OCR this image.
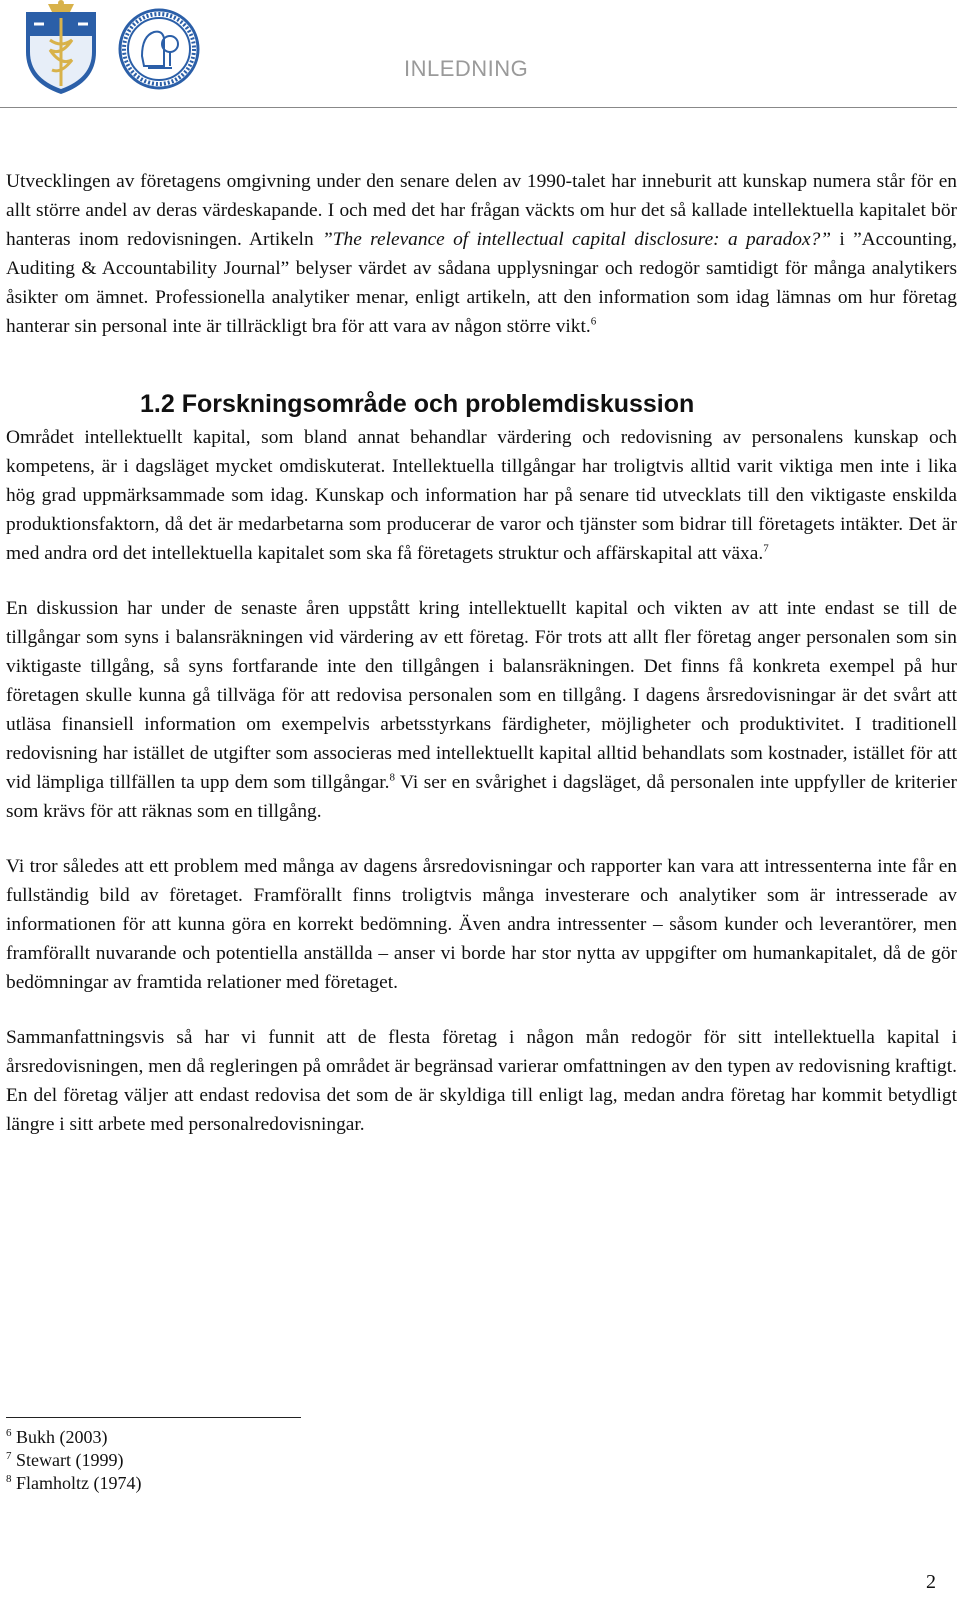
INLEDNING

Utvecklingen av företagens omgivning under den senare delen av 1990-talet har inneburit att kunskap numera står för en allt större andel av deras värdeskapande. I och med det har frågan väckts om hur det så kallade intellektuella kapitalet bör hanteras inom redovisningen. Artikeln ”The relevance of intellectual capital disclosure: a paradox?” i ”Accounting, Auditing & Accountability Journal” belyser värdet av sådana upplysningar och redogör samtidigt för många analytikers åsikter om ämnet. Professionella analytiker menar, enligt artikeln, att den information som idag lämnas om hur företag hanterar sin personal inte är tillräckligt bra för att vara av någon större vikt.$^6$

1.2 Forskningsområde och problemdiskussion

Området intellektuellt kapital, som bland annat behandlar värdering och redovisning av personalens kunskap och kompetens, är i dagsläget mycket omdiskuterat. Intellektuella tillgångar har troligtvis alltid varit viktiga men inte i lika hög grad uppmärksammade som idag. Kunskap och information har på senare tid utvecklats till den viktigaste enskilda produktionsfaktorn, då det är medarbetarna som producerar de varor och tjänster som bidrar till företagets intäkter. Det är med andra ord det intellektuella kapitalet som ska få företagets struktur och affärskapital att växa.$^7$

En diskussion har under de senaste åren uppstått kring intellektuellt kapital och vikten av att inte endast se till de tillgångar som syns i balansräkningen vid värdering av ett företag. För trots att allt fler företag anger personalen som sin viktigaste tillgång, så syns fortfarande inte den tillgången i balansräkningen. Det finns få konkreta exempel på hur företagen skulle kunna gå tillväga för att redovisa personalen som en tillgång. I dagens årsredovisningar är det svårt att utläsa finansiell information om exempelvis arbetsstyrkans färdigheter, möjligheter och produktivitet. I traditionell redovisning har istället de utgifter som associeras med intellektuellt kapital alltid behandlats som kostnader, istället för att vid lämpliga tillfällen ta upp dem som tillgångar.$^8$ Vi ser en svårighet i dagsläget, då personalen inte uppfyller de kriterier som krävs för att räknas som en tillgång.

Vi tror således att ett problem med många av dagens årsredovisningar och rapporter kan vara att intressenterna inte får en fullständig bild av företaget. Framförallt finns troligtvis många investerare och analytiker som är intresserade av informationen för att kunna göra en korrekt bedömning. Även andra intressenter – såsom kunder och leverantörer, men framförallt nuvarande och potentiella anställda – anser vi borde har stor nytta av uppgifter om humankapitalet, då de gör bedömningar av framtida relationer med företaget.

Sammanfattningsvis så har vi funnit att de flesta företag i någon mån redogör för sitt intellektuella kapital i årsredovisningen, men då regleringen på området är begränsad varierar omfattningen av den typen av redovisning kraftigt. En del företag väljer att endast redovisa det som de är skyldiga till enligt lag, medan andra företag har kommit betydligt längre i sitt arbete med personalredovisningar.

$^6$ Bukh (2003)
$^7$ Stewart (1999)
$^8$ Flamholtz (1974)
2
